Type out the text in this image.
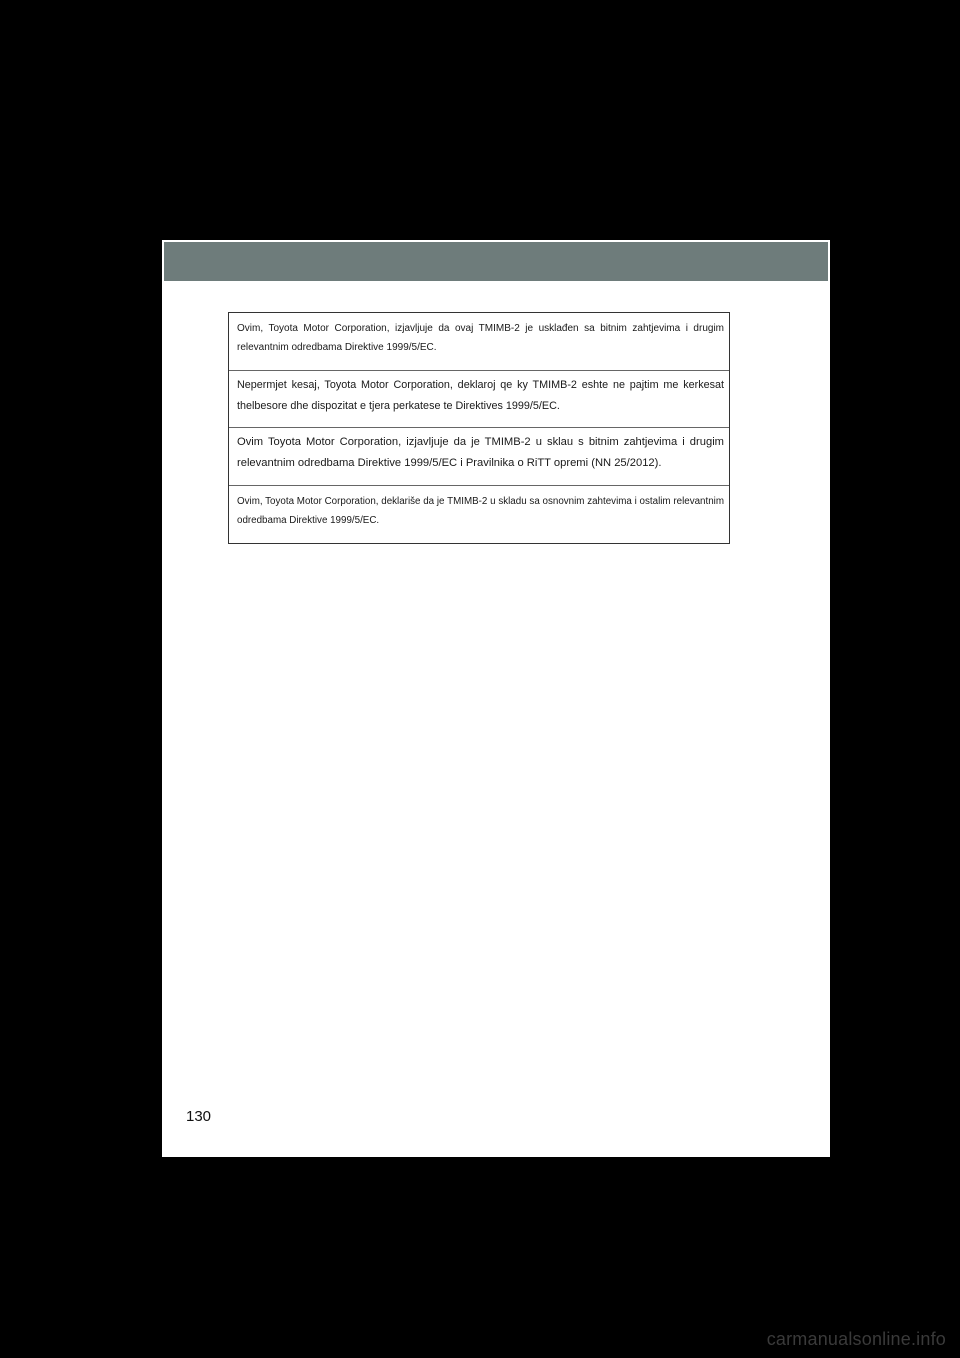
Ovim, Toyota Motor Corporation, izjavljuje da ovaj TMIMB-2 je usklađen sa bitnim zahtjevima i drugim relevantnim odredbama Direktive 1999/5/EC.
Nepermjet kesaj, Toyota Motor Corporation, deklaroj qe ky TMIMB-2 eshte ne pajtim me kerkesat thelbesore dhe dispozitat e tjera perkatese te Direktives 1999/5/EC.
Ovim Toyota Motor Corporation, izjavljuje da je TMIMB-2 u sklau s bitnim zahtjevima i drugim relevantnim odredbama Direktive 1999/5/EC i Pravilnika o RiTT opremi (NN 25/2012).
Ovim, Toyota Motor Corporation, deklariše da je TMIMB-2 u skladu sa osnovnim zahtevima i ostalim relevantnim odredbama Direktive 1999/5/EC.
130
carmanualsonline.info
